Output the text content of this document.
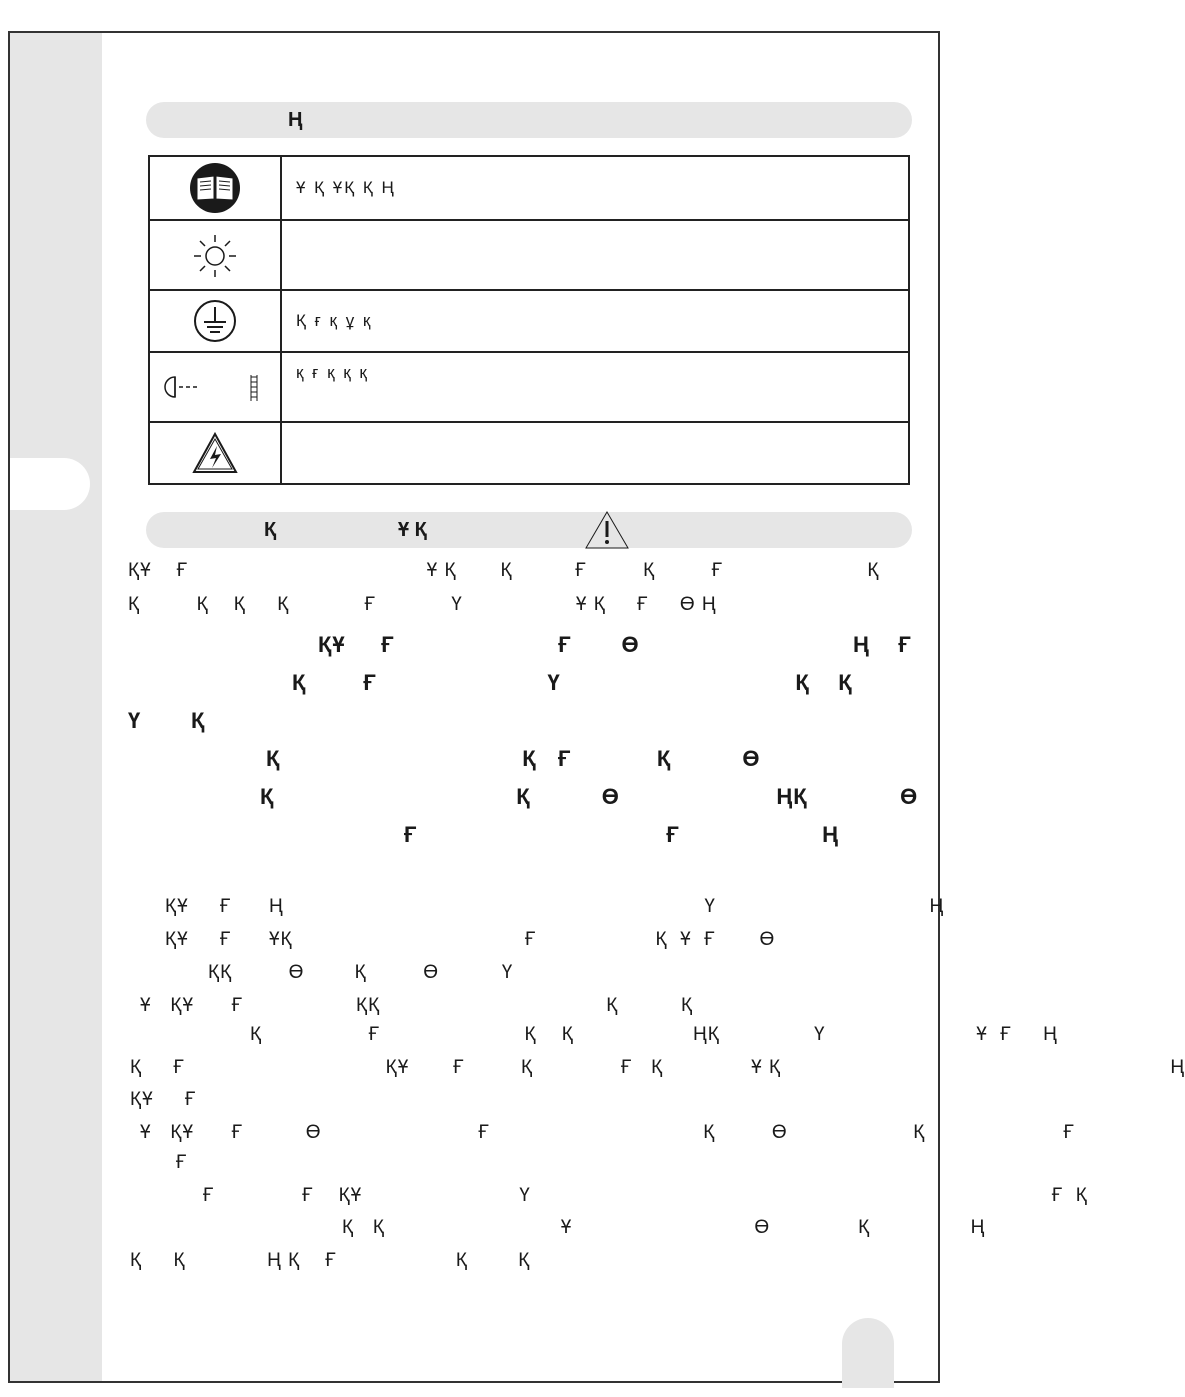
Ң
Ұ Қ ҰҚ Қ Ң
Қ ғ қ ұ қ
қ ғ қ қ қ
Қ	Ұ Қ
ҚҰ    Ғ                                      Ұ Қ       Қ          Ғ         Қ         Ғ                       Қ
Қ         Қ    Қ     Қ            Ғ            Ү                  Ұ Қ     Ғ     Ө Ң
ҚҰ     Ғ                       Ғ       Ө                              Ң    Ғ
Қ        Ғ                        Ү                                 Қ    Қ
Ү       Қ
Қ                                  Қ   Ғ            Қ          Ө
Қ                                  Қ          Ө                      ҢҚ             Ө
Ғ                                   Ғ                    Ң
ҚҰ     Ғ      Ң                                                                   Ү                                  Ң
ҚҰ     Ғ      ҰҚ                                     Ғ                   Қ  Ұ  Ғ       Ө
ҚҚ         Ө        Қ         Ө          Ү
Ұ   ҚҰ      Ғ                  ҚҚ                                    Қ          Қ
Қ                 Ғ                       Қ    Қ                   ҢҚ               Ү                        Ұ  Ғ     Ң
Қ     Ғ                                ҚҰ       Ғ         Қ              Ғ   Қ              Ұ Қ                                                              Ң
ҚҰ     Ғ
Ұ   ҚҰ      Ғ          Ө                         Ғ                                  Қ         Ө                    Қ                      Ғ
Ғ
Ғ              Ғ    ҚҰ                         Ү                                                                                   Ғ  Қ
Қ   Қ                            Ұ                             Ө              Қ                Ң
Қ     Қ             Ң Қ    Ғ                   Қ        Қ
